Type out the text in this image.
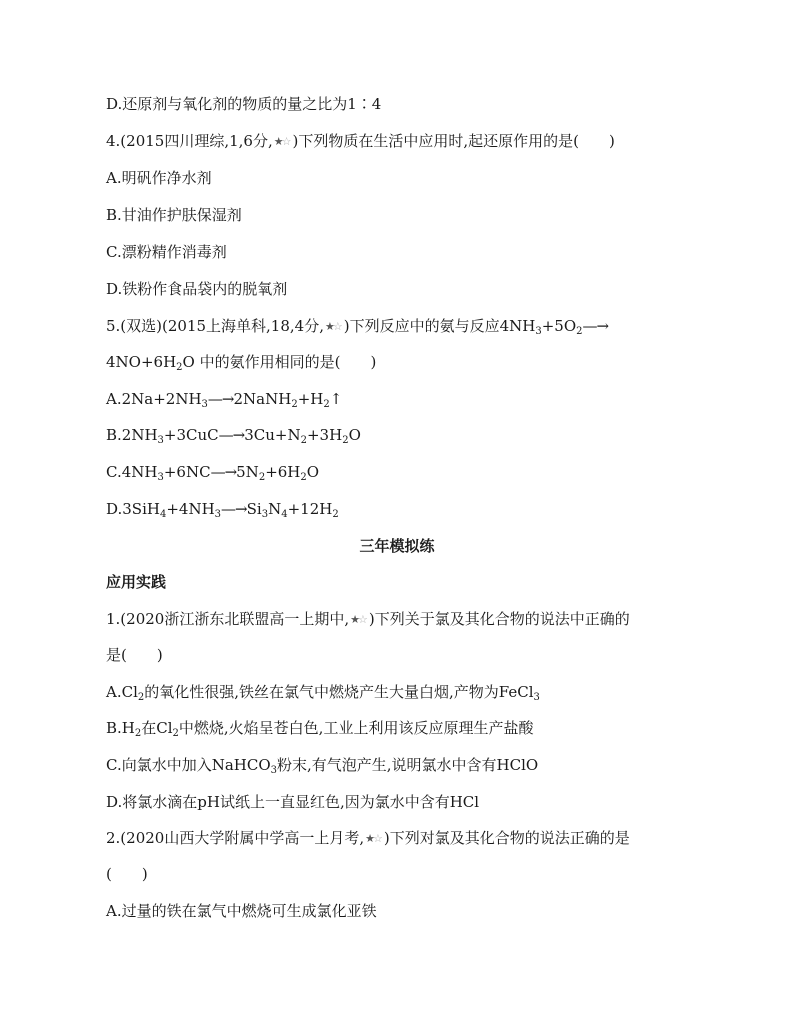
D.还原剂与氧化剂的物质的量之比为1∶4
4.(2015四川理综,1,6分,★☆ )下列物质在生活中应用时,起还原作用的是(　　)
A.明矾作净水剂
B.甘油作护肤保湿剂
C.漂粉精作消毒剂
D.铁粉作食品袋内的脱氧剂
5.(双选)(2015上海单科,18,4分,★☆ )下列反应中的氨与反应$4NH_3+5O_2—\to$
$4NO+6H_2O$ 中的氨作用相同的是(　　)
$A.2Na+2NH_3—\to 2NaNH_2+H_2↑$
$B.2NH_3+3CuC—\to 3Cu+N_2+3H_2O$
$C.4NH_3+6NC—\to 5N_2+6H_2O$
$D.3SiH_4+4NH_3—\to Si_3N_4+12H_2$
三年模拟练
应用实践
1.(2020浙江浙东北联盟高一上期中,★☆ )下列关于氯及其化合物的说法中正确的
是(　　)
$A.Cl_2$的氧化性很强,铁丝在氯气中燃烧产生大量白烟,产物为FeCl$_3$
$B.H_2$在$Cl_2$中燃烧,火焰呈苍白色,工业上利用该反应原理生产盐酸
C.向氯水中加入NaHCO$_3$粉末,有气泡产生,说明氯水中含有HClO
D.将氯水滴在pH试纸上一直显红色,因为氯水中含有HCl
2.(2020山西大学附属中学高一上月考,★☆ )下列对氯及其化合物的说法正确的是
(　　)
A.过量的铁在氯气中燃烧可生成氯化亚铁
